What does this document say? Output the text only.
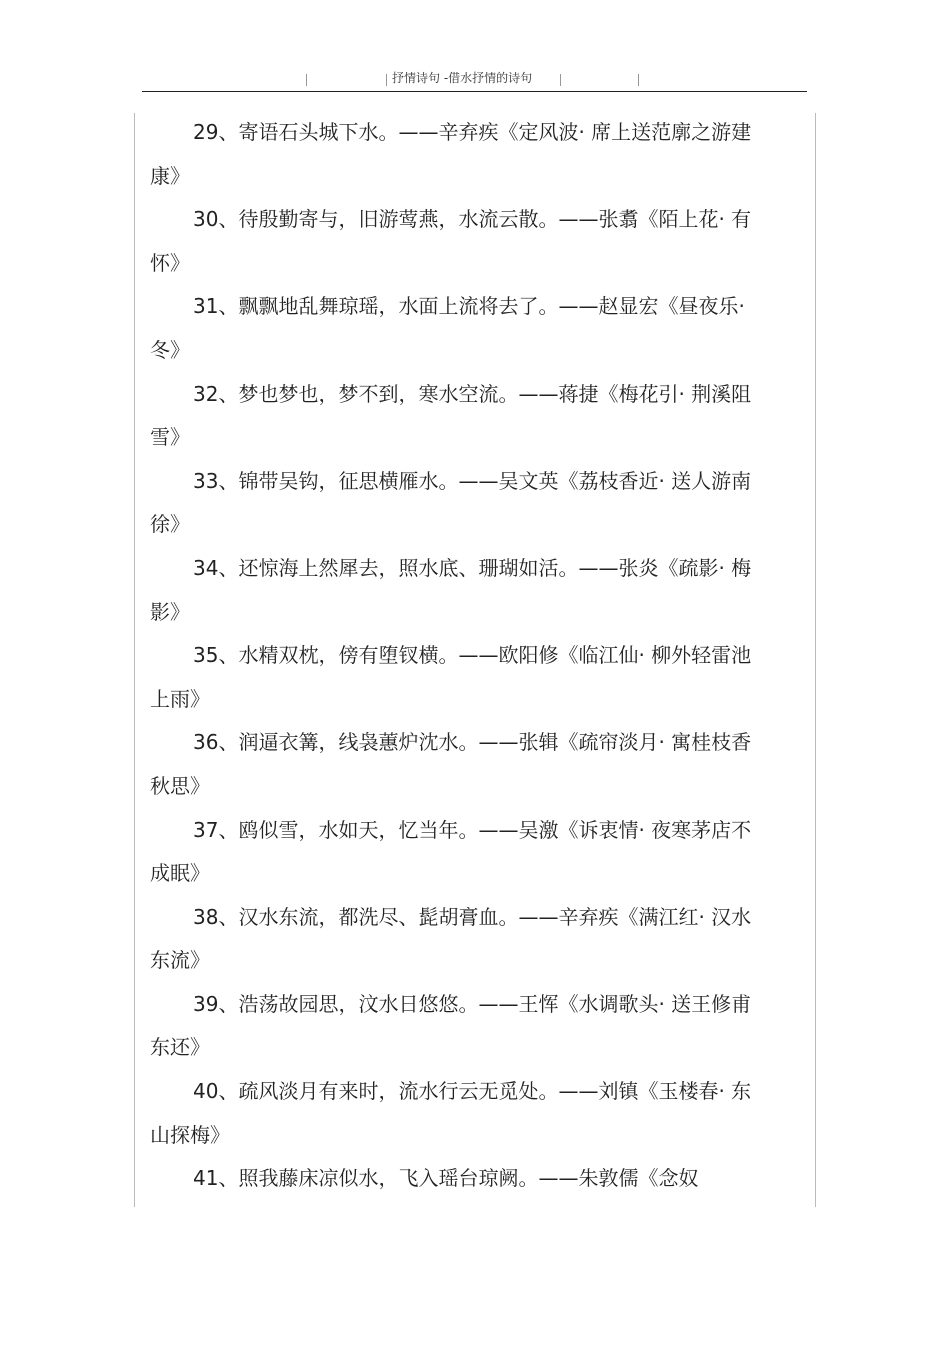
抒情诗句 -借水抒情的诗句

29、寄语石头城下水。——辛弃疾《定风波· 席上送范廓之游建康》

30、待殷勤寄与，旧游莺燕，水流云散。——张翥《陌上花· 有怀》

31、飘飘地乱舞琼瑶，水面上流将去了。——赵显宏《昼夜乐· 冬》

32、梦也梦也，梦不到，寒水空流。——蒋捷《梅花引· 荆溪阻雪》

33、锦带吴钩，征思横雁水。——吴文英《荔枝香近· 送人游南徐》

34、还惊海上然犀去，照水底、珊瑚如活。——张炎《疏影· 梅影》

35、水精双枕，傍有堕钗横。——欧阳修《临江仙· 柳外轻雷池上雨》

36、润逼衣篝，线袅蕙炉沈水。——张辑《疏帘淡月· 寓桂枝香秋思》

37、鸥似雪，水如天，忆当年。——吴激《诉衷情· 夜寒茅店不成眠》

38、汉水东流，都洗尽、髭胡膏血。——辛弃疾《满江红· 汉水东流》

39、浩荡故园思，汶水日悠悠。——王恽《水调歌头· 送王修甫东还》

40、疏风淡月有来时，流水行云无觅处。——刘镇《玉楼春· 东山探梅》

41、照我藤床凉似水，飞入瑶台琼阙。——朱敦儒《念奴
